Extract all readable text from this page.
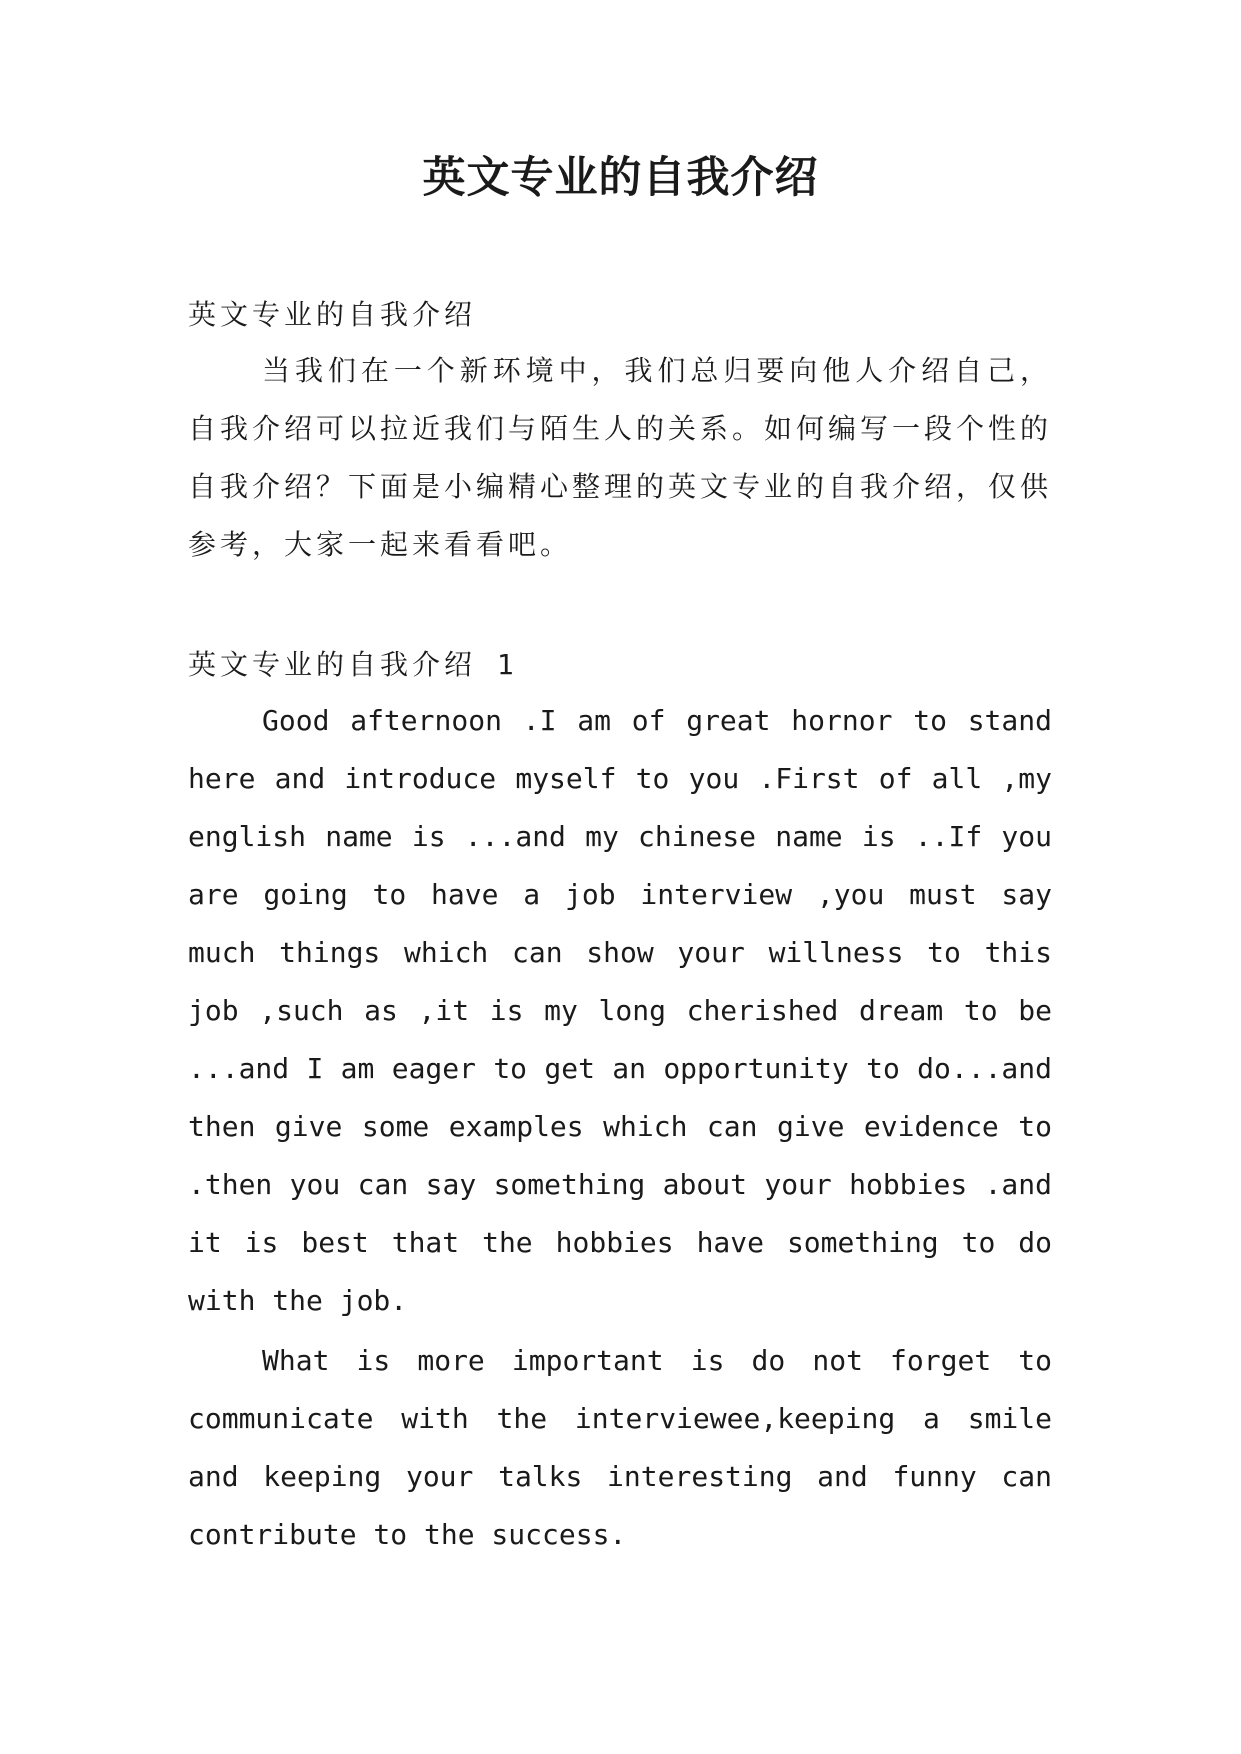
英文专业的自我介绍

英文专业的自我介绍

当我们在一个新环境中，我们总归要向他人介绍自己，自我介绍可以拉近我们与陌生人的关系。如何编写一段个性的自我介绍？下面是小编精心整理的英文专业的自我介绍，仅供参考，大家一起来看看吧。

英文专业的自我介绍 1

Good afternoon .I am of great hornor to stand here and introduce myself to you .First of all ,my english name is ...and my chinese name is ..If you are going to have a job interview ,you must say much things which can show your willness to this job ,such as ,it is my long cherished dream to be ...and I am eager to get an opportunity to do...and then give some examples which can give evidence to .then you can say something about your hobbies .and it is best that the hobbies have something to do with the job.

What is more important is do not forget to communicate with the interviewee,keeping a smile and keeping your talks interesting and funny can contribute to the success.
